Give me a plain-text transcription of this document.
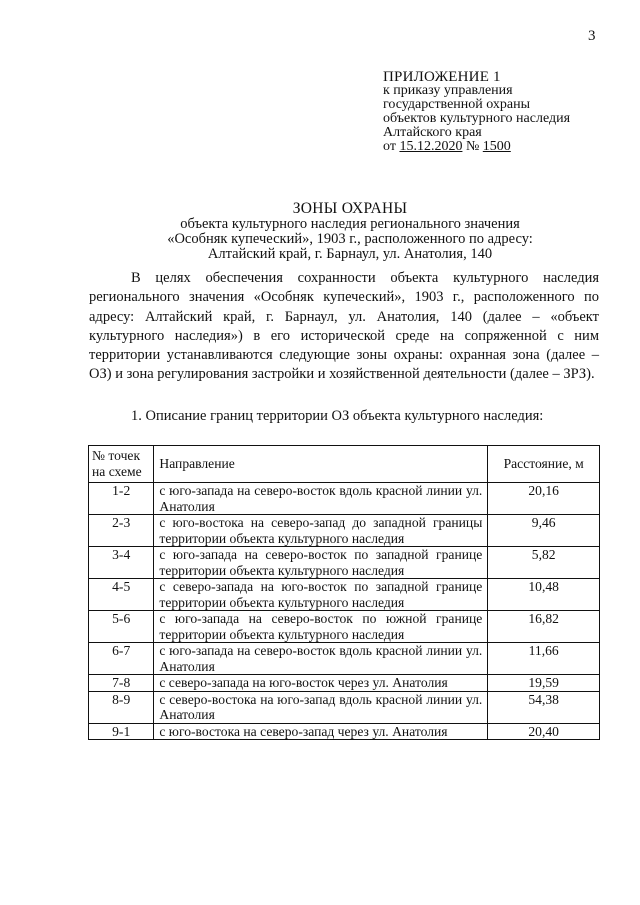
3
ПРИЛОЖЕНИЕ 1
к приказу управления
государственной охраны
объектов культурного наследия
Алтайского края
от 15.12.2020 № 1500
ЗОНЫ ОХРАНЫ
объекта культурного наследия регионального значения
«Особняк купеческий», 1903 г., расположенного по адресу:
Алтайский край, г. Барнаул, ул. Анатолия, 140

В целях обеспечения сохранности объекта культурного наследия регионального значения «Особняк купеческий», 1903 г., расположенного по адресу: Алтайский край, г. Барнаул, ул. Анатолия, 140 (далее – «объект культурного наследия») в его исторической среде на сопряженной с ним территории устанавливаются следующие зоны охраны: охранная зона (далее – ОЗ) и зона регулирования застройки и хозяйственной деятельности (далее – ЗРЗ).

1. Описание границ территории ОЗ объекта культурного наследия:
№ точек
на схеме	Направление	Расстояние, м
1-2	с юго-запада на северо-восток вдоль красной линии ул. Анатолия	20,16
2-3	с юго-востока на северо-запад до западной границы территории объекта культурного наследия	9,46
3-4	с юго-запада на северо-восток по западной границе территории объекта культурного наследия	5,82
4-5	с северо-запада на юго-восток по западной границе территории объекта культурного наследия	10,48
5-6	с юго-запада на северо-восток по южной границе территории объекта культурного наследия	16,82
6-7	с юго-запада на северо-восток вдоль красной линии ул. Анатолия	11,66
7-8	с северо-запада на юго-восток через ул. Анатолия	19,59
8-9	с северо-востока на юго-запад вдоль красной линии ул. Анатолия	54,38
9-1	с юго-востока на северо-запад через ул. Анатолия	20,40
